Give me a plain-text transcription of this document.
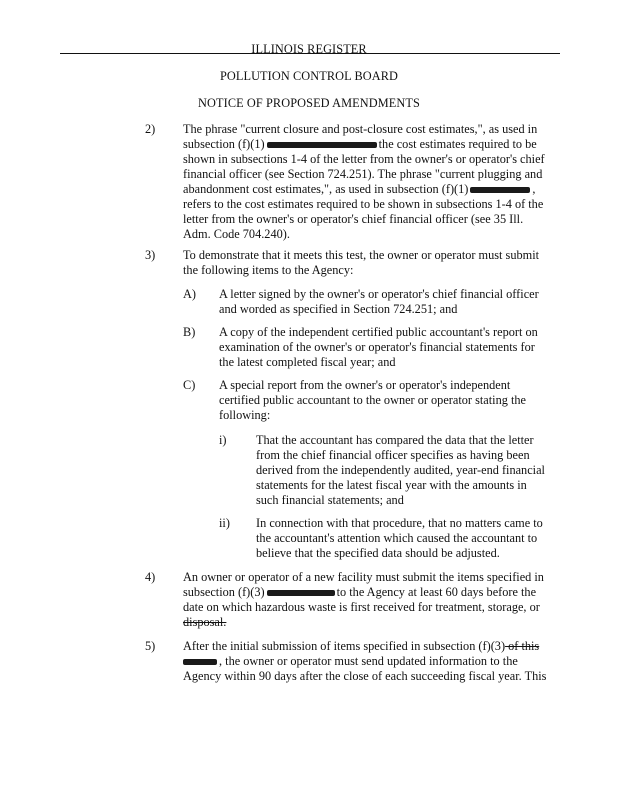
ILLINOIS REGISTER
POLLUTION CONTROL BOARD
NOTICE OF PROPOSED AMENDMENTS
2) The phrase "current closure and post-closure cost estimates,", as used in
subsection (f)(1)	the cost estimates required to be
shown in subsections 1-4 of the letter from the owner's or operator's chief
financial officer (see Section 724.251). The phrase "current plugging and
abandonment cost estimates,", as used in subsection (f)(1)	,
refers to the cost estimates required to be shown in subsections 1-4 of the
letter from the owner's or operator's chief financial officer (see 35 Ill.
Adm. Code 704.240).
3) To demonstrate that it meets this test, the owner or operator must submit
the following items to the Agency:
A) A letter signed by the owner's or operator's chief financial officer
and worded as specified in Section 724.251; and
B) A copy of the independent certified public accountant's report on
examination of the owner's or operator's financial statements for
the latest completed fiscal year; and
C) A special report from the owner's or operator's independent
certified public accountant to the owner or operator stating the
following:
i) That the accountant has compared the data that the letter
from the chief financial officer specifies as having been
derived from the independently audited, year-end financial
statements for the latest fiscal year with the amounts in
such financial statements; and
ii) In connection with that procedure, that no matters came to
the accountant's attention which caused the accountant to
believe that the specified data should be adjusted.
4) An owner or operator of a new facility must submit the items specified in
subsection (f)(3)	to the Agency at least 60 days before the
date on which hazardous waste is first received for treatment, storage, or
disposal.
5) After the initial submission of items specified in subsection (f)(3) of this
, the owner or operator must send updated information to the
Agency within 90 days after the close of each succeeding fiscal year. This
